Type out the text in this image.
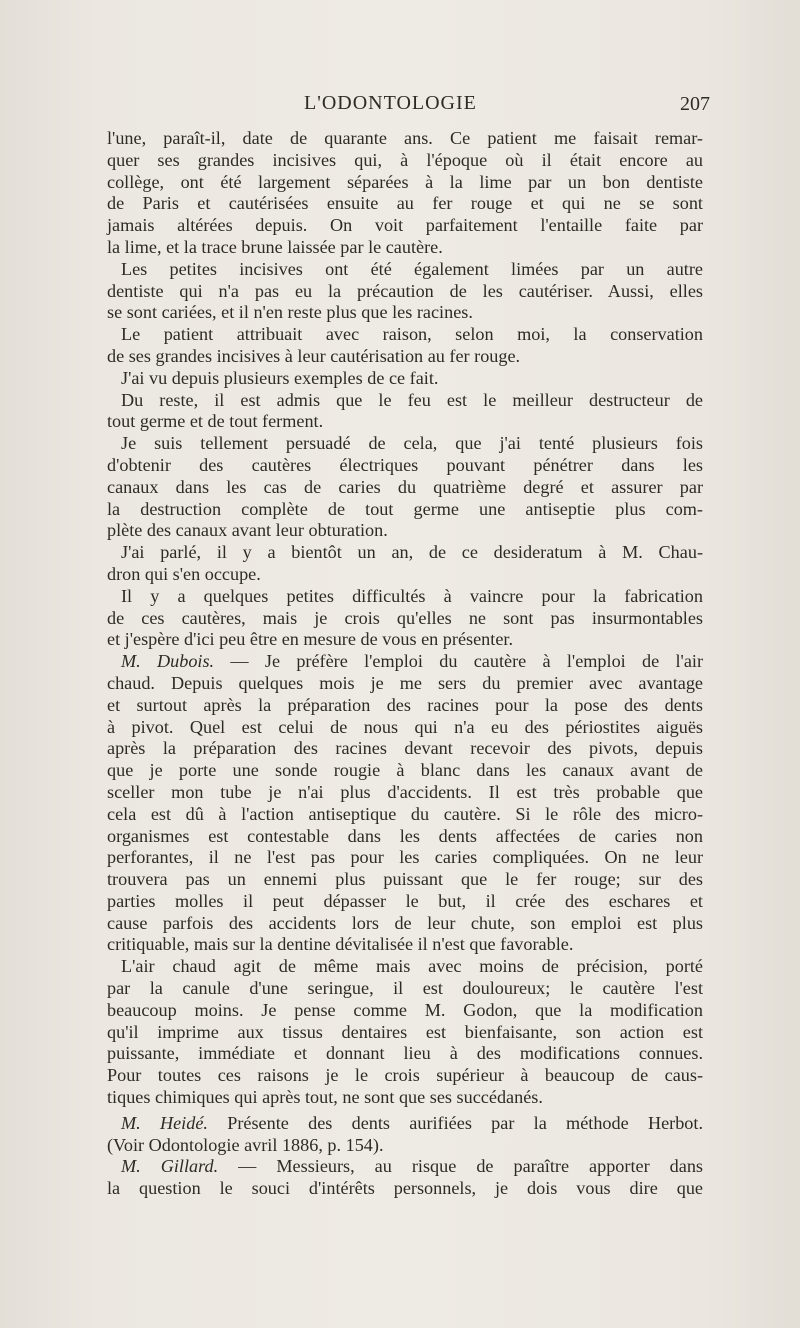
L'ODONTOLOGIE	207
l'une, paraît-il, date de quarante ans. Ce patient me faisait remar-
quer ses grandes incisives qui, à l'époque où il était encore au
collège, ont été largement séparées à la lime par un bon dentiste
de Paris et cautérisées ensuite au fer rouge et qui ne se sont
jamais altérées depuis. On voit parfaitement l'entaille faite par
la lime, et la trace brune laissée par le cautère.
Les petites incisives ont été également limées par un autre
dentiste qui n'a pas eu la précaution de les cautériser. Aussi, elles
se sont cariées, et il n'en reste plus que les racines.
Le patient attribuait avec raison, selon moi, la conservation
de ses grandes incisives à leur cautérisation au fer rouge.
J'ai vu depuis plusieurs exemples de ce fait.
Du reste, il est admis que le feu est le meilleur destructeur de
tout germe et de tout ferment.
Je suis tellement persuadé de cela, que j'ai tenté plusieurs fois
d'obtenir des cautères électriques pouvant pénétrer dans les
canaux dans les cas de caries du quatrième degré et assurer par
la destruction complète de tout germe une antiseptie plus com-
plète des canaux avant leur obturation.
J'ai parlé, il y a bientôt un an, de ce desideratum à M. Chau-
dron qui s'en occupe.
Il y a quelques petites difficultés à vaincre pour la fabrication
de ces cautères, mais je crois qu'elles ne sont pas insurmontables
et j'espère d'ici peu être en mesure de vous en présenter.
M. Dubois. — Je préfère l'emploi du cautère à l'emploi de l'air
chaud. Depuis quelques mois je me sers du premier avec avantage
et surtout après la préparation des racines pour la pose des dents
à pivot. Quel est celui de nous qui n'a eu des périostites aiguës
après la préparation des racines devant recevoir des pivots, depuis
que je porte une sonde rougie à blanc dans les canaux avant de
sceller mon tube je n'ai plus d'accidents. Il est très probable que
cela est dû à l'action antiseptique du cautère. Si le rôle des micro-
organismes est contestable dans les dents affectées de caries non
perforantes, il ne l'est pas pour les caries compliquées. On ne leur
trouvera pas un ennemi plus puissant que le fer rouge; sur des
parties molles il peut dépasser le but, il crée des eschares et
cause parfois des accidents lors de leur chute, son emploi est plus
critiquable, mais sur la dentine dévitalisée il n'est que favorable.
L'air chaud agit de même mais avec moins de précision, porté
par la canule d'une seringue, il est douloureux; le cautère l'est
beaucoup moins. Je pense comme M. Godon, que la modification
qu'il imprime aux tissus dentaires est bienfaisante, son action est
puissante, immédiate et donnant lieu à des modifications connues.
Pour toutes ces raisons je le crois supérieur à beaucoup de caus-
tiques chimiques qui après tout, ne sont que ses succédanés.
M. Heidé. Présente des dents aurifiées par la méthode Herbot.
(Voir Odontologie avril 1886, p. 154).
M. Gillard. — Messieurs, au risque de paraître apporter dans
la question le souci d'intérêts personnels, je dois vous dire que
